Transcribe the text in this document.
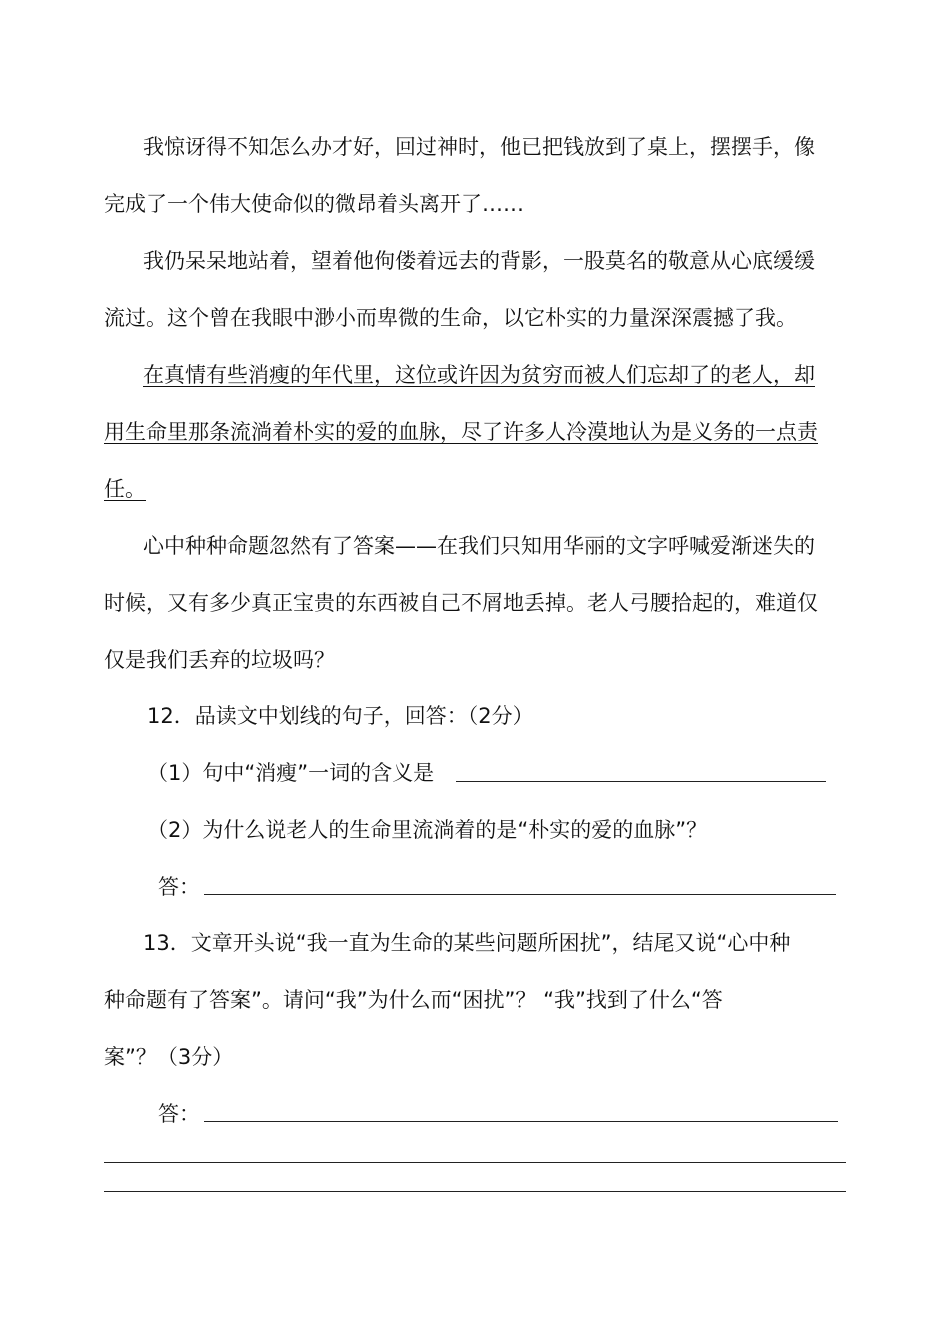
我惊讶得不知怎么办才好，回过神时，他已把钱放到了桌上，摆摆手，像
完成了一个伟大使命似的微昂着头离开了……
我仍呆呆地站着，望着他佝偻着远去的背影，一股莫名的敬意从心底缓缓
流过。这个曾在我眼中渺小而卑微的生命，以它朴实的力量深深震撼了我。
在真情有些消瘦的年代里，这位或许因为贫穷而被人们忘却了的老人，却
用生命里那条流淌着朴实的爱的血脉，尽了许多人冷漠地认为是义务的一点责
任。
心中种种命题忽然有了答案——在我们只知用华丽的文字呼喊爱渐迷失的
时候，又有多少真正宝贵的东西被自己不屑地丢掉。老人弓腰拾起的，难道仅
仅是我们丢弃的垃圾吗？
12．品读文中划线的句子，回答：（2分）
（1）句中“消瘦”一词的含义是
（2）为什么说老人的生命里流淌着的是“朴实的爱的血脉”？
答：
13．文章开头说“我一直为生命的某些问题所困扰”，结尾又说“心中种
种命题有了答案”。请问“我”为什么而“困扰”？ “我”找到了什么“答
案”？（3分）
答：
